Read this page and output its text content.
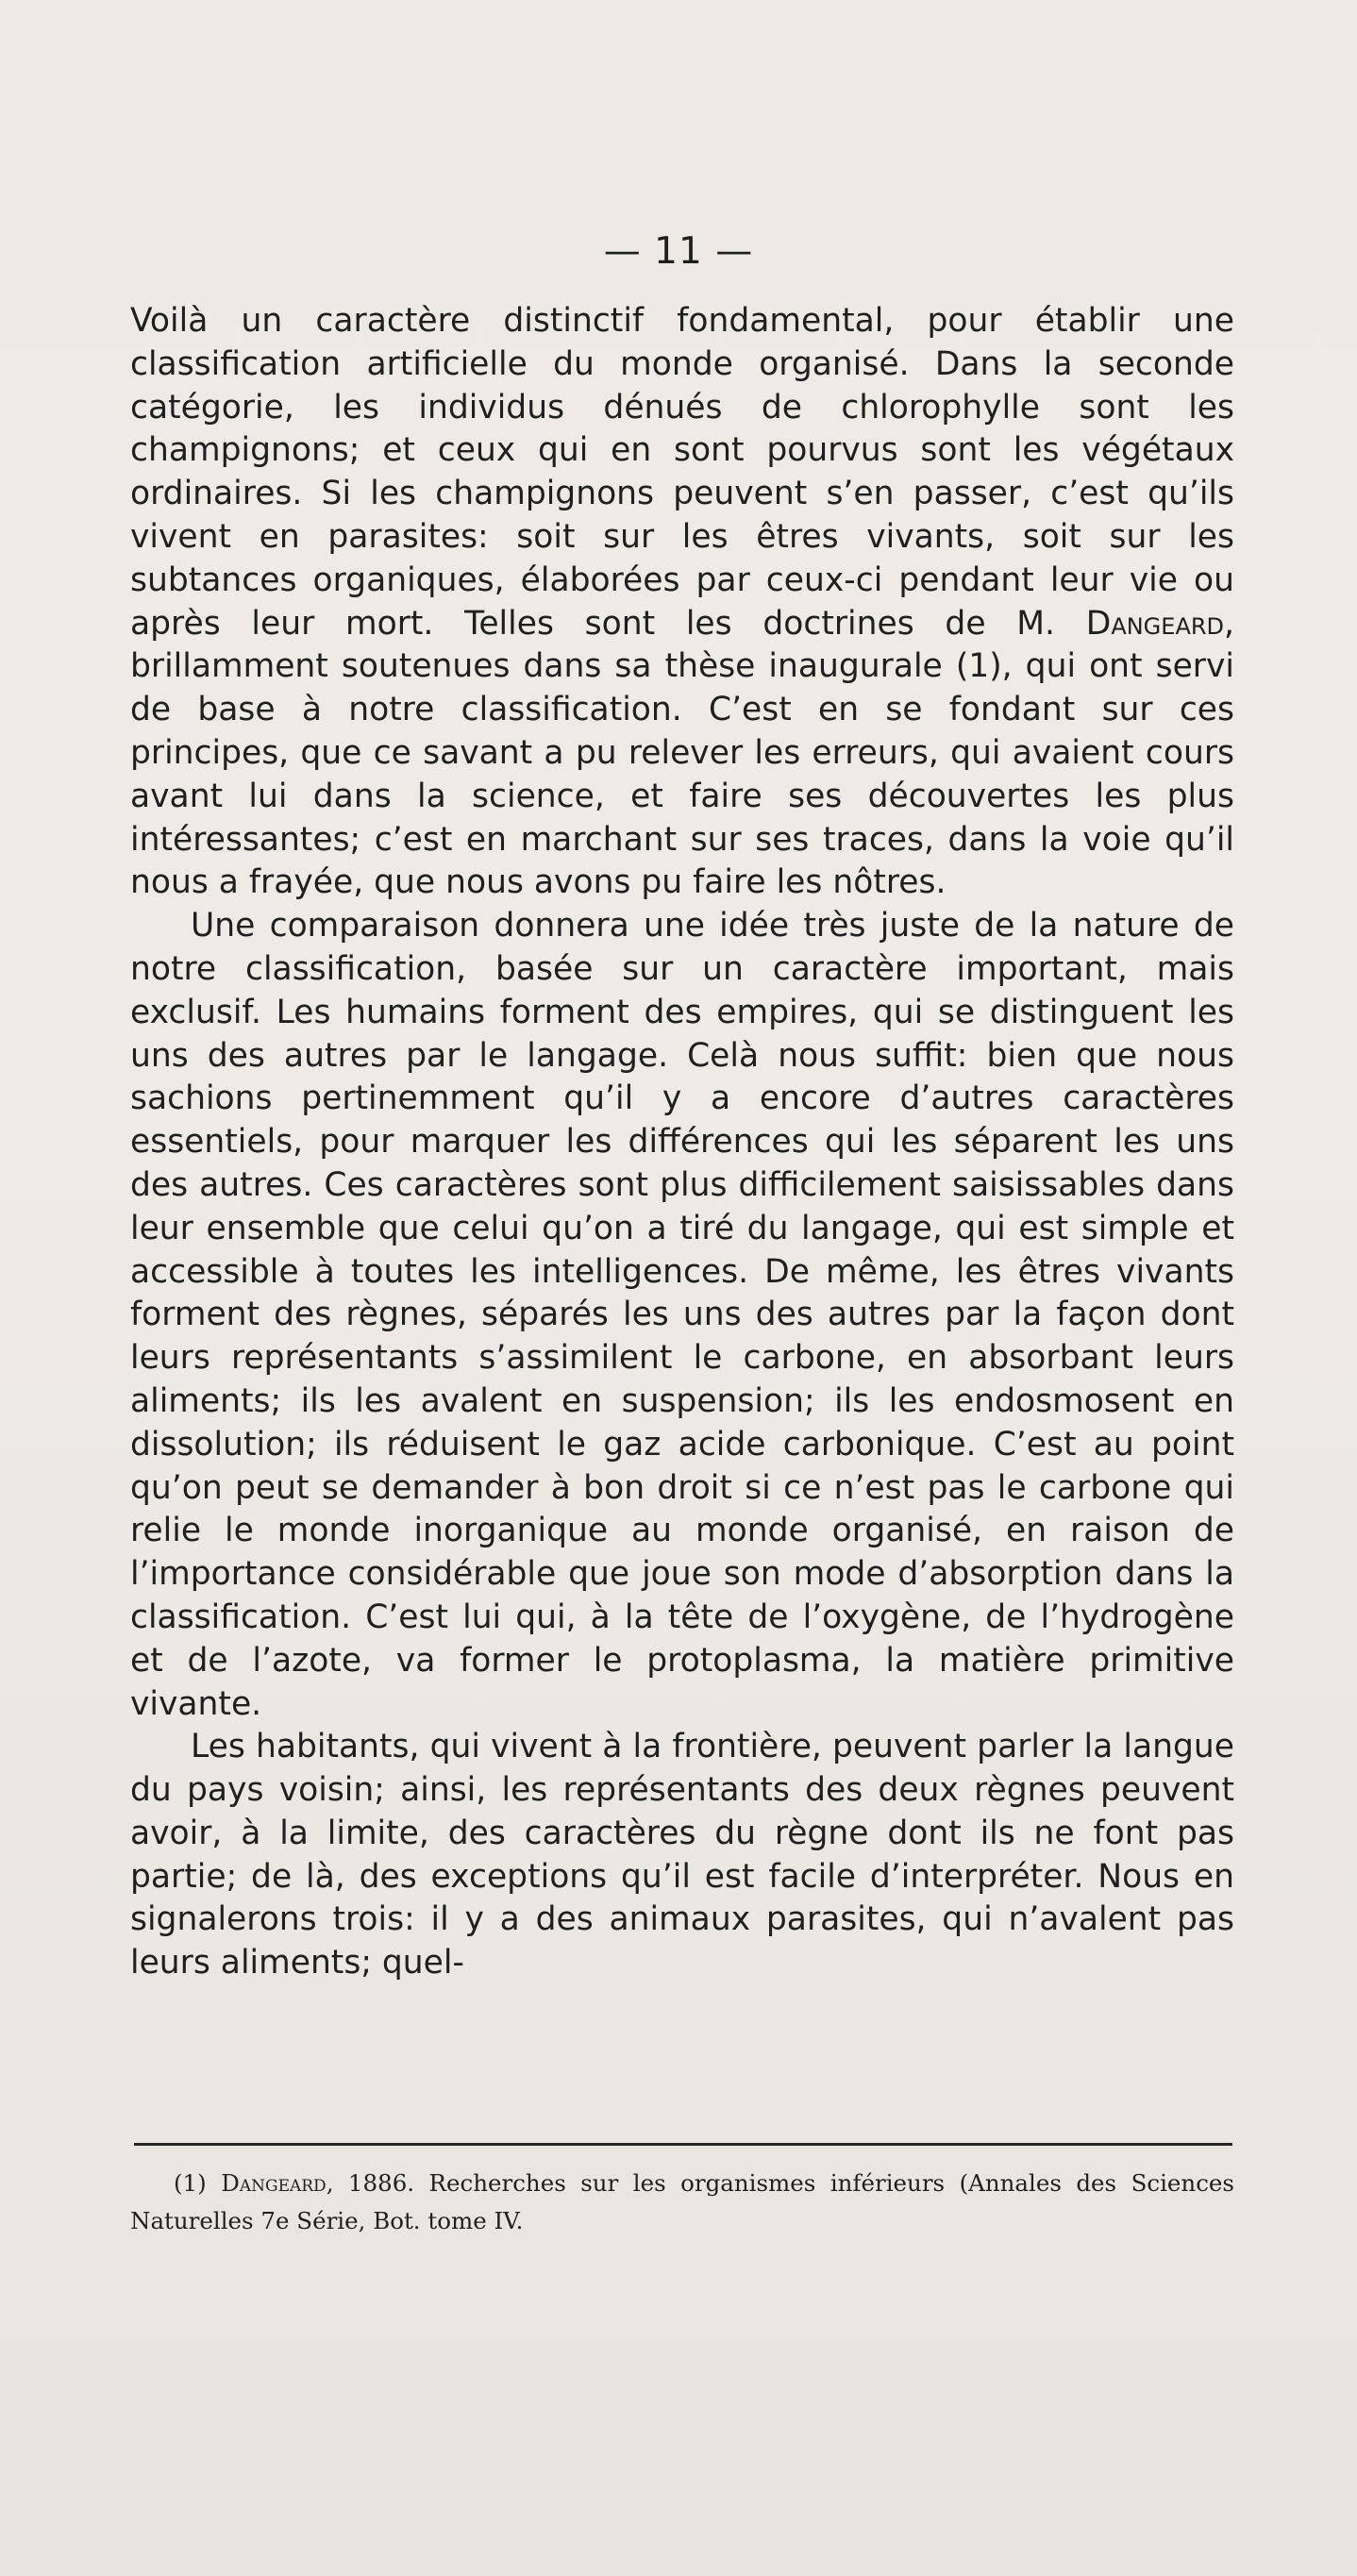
— 11 —

Voilà un caractère distinctif fondamental, pour établir une classification artificielle du monde organisé. Dans la seconde catégorie, les individus dénués de chlorophylle sont les champignons; et ceux qui en sont pourvus sont les végétaux ordinaires. Si les champignons peuvent s’en passer, c’est qu’ils vivent en parasites: soit sur les êtres vivants, soit sur les subtances organiques, élaborées par ceux-ci pendant leur vie ou après leur mort. Telles sont les doctrines de M. Dangeard, brillamment soutenues dans sa thèse inaugurale (1), qui ont servi de base à notre classification. C’est en se fondant sur ces principes, que ce savant a pu relever les erreurs, qui avaient cours avant lui dans la science, et faire ses découvertes les plus intéressantes; c’est en marchant sur ses traces, dans la voie qu’il nous a frayée, que nous avons pu faire les nôtres.

Une comparaison donnera une idée très juste de la nature de notre classification, basée sur un caractère important, mais exclusif. Les humains forment des empires, qui se distinguent les uns des autres par le langage. Celà nous suffit: bien que nous sachions pertinemment qu’il y a encore d’autres caractères essentiels, pour marquer les différences qui les séparent les uns des autres. Ces caractères sont plus difficilement saisissables dans leur ensemble que celui qu’on a tiré du langage, qui est simple et accessible à toutes les intelligences. De même, les êtres vivants forment des règnes, séparés les uns des autres par la façon dont leurs représentants s’assimilent le carbone, en absorbant leurs aliments; ils les avalent en suspension; ils les endosmosent en dissolution; ils réduisent le gaz acide carbonique. C’est au point qu’on peut se demander à bon droit si ce n’est pas le carbone qui relie le monde inorganique au monde organisé, en raison de l’importance considérable que joue son mode d’absorption dans la classification. C’est lui qui, à la tête de l’oxygène, de l’hydrogène et de l’azote, va former le protoplasma, la matière primitive vivante.

Les habitants, qui vivent à la frontière, peuvent parler la langue du pays voisin; ainsi, les représentants des deux règnes peuvent avoir, à la limite, des caractères du règne dont ils ne font pas partie; de là, des exceptions qu’il est facile d’interpréter. Nous en signalerons trois: il y a des animaux parasites, qui n’avalent pas leurs aliments; quel-

(1) Dangeard, 1886. Recherches sur les organismes inférieurs (Annales des Sciences Naturelles 7e Série, Bot. tome IV.
